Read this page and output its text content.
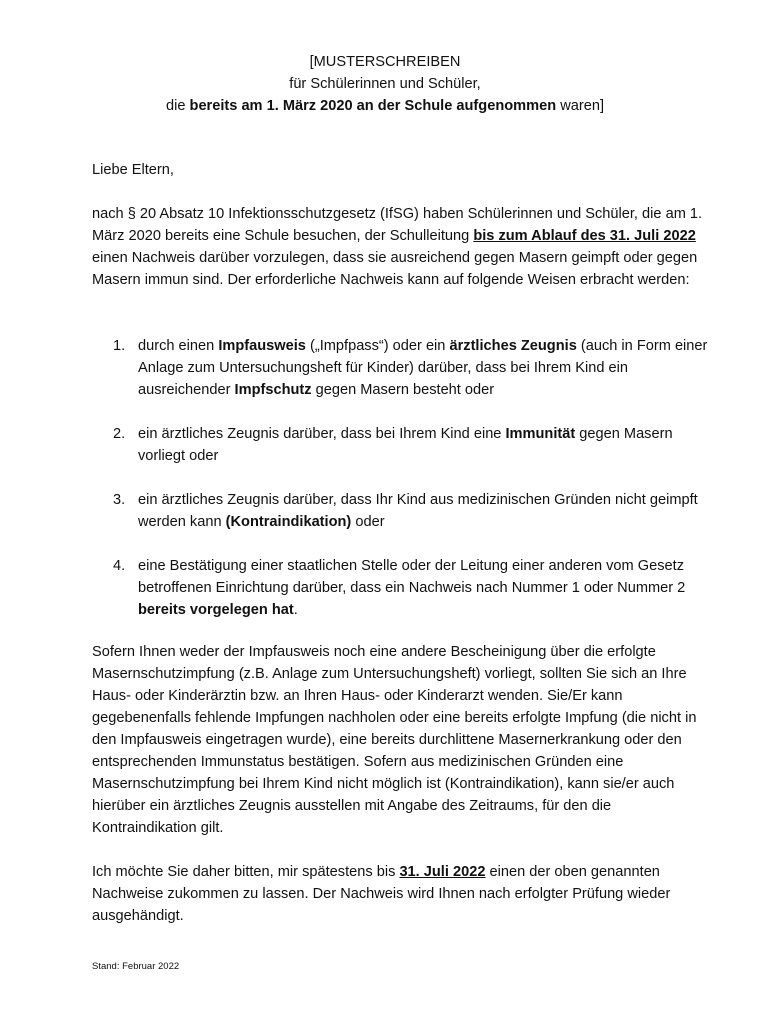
[MUSTERSCHREIBEN
für Schülerinnen und Schüler,
die bereits am 1. März 2020 an der Schule aufgenommen waren]
Liebe Eltern,
nach § 20 Absatz 10 Infektionsschutzgesetz (IfSG) haben Schülerinnen und Schüler, die am 1. März 2020 bereits eine Schule besuchen, der Schulleitung bis zum Ablauf des 31. Juli 2022 einen Nachweis darüber vorzulegen, dass sie ausreichend gegen Masern geimpft oder gegen Masern immun sind. Der erforderliche Nachweis kann auf folgende Weisen erbracht werden:
1. durch einen Impfausweis („Impfpass“) oder ein ärztliches Zeugnis (auch in Form einer Anlage zum Untersuchungsheft für Kinder) darüber, dass bei Ihrem Kind ein ausreichender Impfschutz gegen Masern besteht oder
2. ein ärztliches Zeugnis darüber, dass bei Ihrem Kind eine Immunität gegen Masern vorliegt oder
3. ein ärztliches Zeugnis darüber, dass Ihr Kind aus medizinischen Gründen nicht geimpft werden kann (Kontraindikation) oder
4. eine Bestätigung einer staatlichen Stelle oder der Leitung einer anderen vom Gesetz betroffenen Einrichtung darüber, dass ein Nachweis nach Nummer 1 oder Nummer 2 bereits vorgelegen hat.
Sofern Ihnen weder der Impfausweis noch eine andere Bescheinigung über die erfolgte Masernschutzimpfung (z.B. Anlage zum Untersuchungsheft) vorliegt, sollten Sie sich an Ihre Haus- oder Kinderärztin bzw. an Ihren Haus- oder Kinderarzt wenden. Sie/Er kann gegebenenfalls fehlende Impfungen nachholen oder eine bereits erfolgte Impfung (die nicht in den Impfausweis eingetragen wurde), eine bereits durchlittene Masernerkrankung oder den entsprechenden Immunstatus bestätigen. Sofern aus medizinischen Gründen eine Masernschutzimpfung bei Ihrem Kind nicht möglich ist (Kontraindikation), kann sie/er auch hierüber ein ärztliches Zeugnis ausstellen mit Angabe des Zeitraums, für den die Kontraindikation gilt.
Ich möchte Sie daher bitten, mir spätestens bis 31. Juli 2022 einen der oben genannten Nachweise zukommen zu lassen. Der Nachweis wird Ihnen nach erfolgter Prüfung wieder ausgehändigt.
Stand: Februar 2022
